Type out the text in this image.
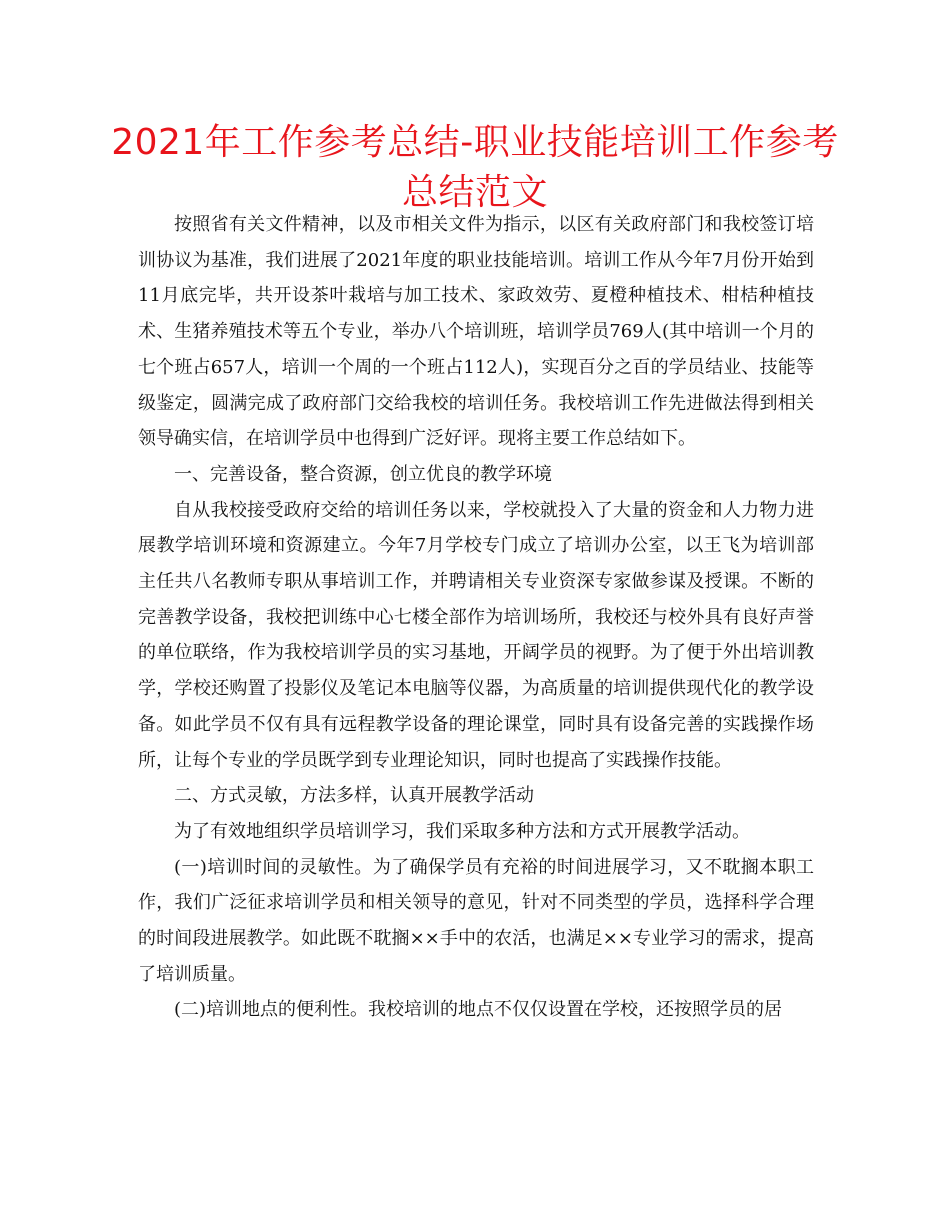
2021年工作参考总结-职业技能培训工作参考总结范文

按照省有关文件精神，以及市相关文件为指示，以区有关政府部门和我校签订培训协议为基准，我们进展了2021年度的职业技能培训。培训工作从今年7月份开始到11月底完毕，共开设茶叶栽培与加工技术、家政效劳、夏橙种植技术、柑桔种植技术、生猪养殖技术等五个专业，举办八个培训班，培训学员769人(其中培训一个月的七个班占657人，培训一个周的一个班占112人)，实现百分之百的学员结业、技能等级鉴定，圆满完成了政府部门交给我校的培训任务。我校培训工作先进做法得到相关领导确实信，在培训学员中也得到广泛好评。现将主要工作总结如下。

一、完善设备，整合资源，创立优良的教学环境

自从我校接受政府交给的培训任务以来，学校就投入了大量的资金和人力物力进展教学培训环境和资源建立。今年7月学校专门成立了培训办公室，以王飞为培训部主任共八名教师专职从事培训工作，并聘请相关专业资深专家做参谋及授课。不断的完善教学设备，我校把训练中心七楼全部作为培训场所，我校还与校外具有良好声誉的单位联络，作为我校培训学员的实习基地，开阔学员的视野。为了便于外出培训教学，学校还购置了投影仪及笔记本电脑等仪器，为高质量的培训提供现代化的教学设备。如此学员不仅有具有远程教学设备的理论课堂，同时具有设备完善的实践操作场所，让每个专业的学员既学到专业理论知识，同时也提高了实践操作技能。

二、方式灵敏，方法多样，认真开展教学活动

为了有效地组织学员培训学习，我们采取多种方法和方式开展教学活动。

(一)培训时间的灵敏性。为了确保学员有充裕的时间进展学习，又不耽搁本职工作，我们广泛征求培训学员和相关领导的意见，针对不同类型的学员，选择科学合理的时间段进展教学。如此既不耽搁××手中的农活，也满足××专业学习的需求，提高了培训质量。

(二)培训地点的便利性。我校培训的地点不仅仅设置在学校，还按照学员的居
